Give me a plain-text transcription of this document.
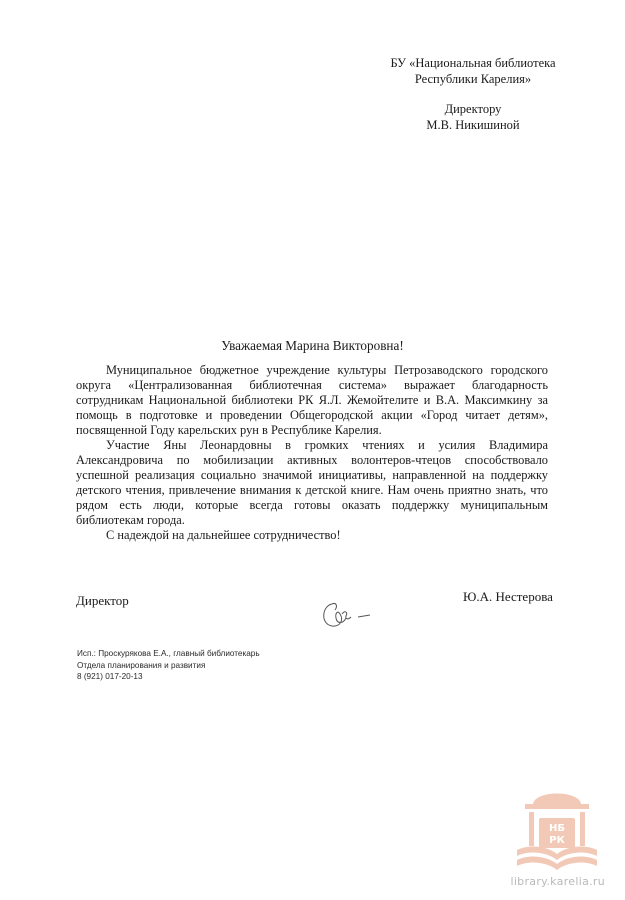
БУ «Национальная библиотека
Республики Карелия»
Директору
М.В. Никишиной
Уважаемая Марина Викторовна!

Муниципальное бюджетное учреждение культуры Петрозаводского городского округа «Централизованная библиотечная система» выражает благодарность сотрудникам Национальной библиотеки РК Я.Л. Жемойтелите и В.А. Максимкину за помощь в подготовке и проведении Общегородской акции «Город читает детям», посвященной Году карельских рун в Республике Карелия.

Участие Яны Леонардовны в громких чтениях и усилия Владимира Александровича по мобилизации активных волонтеров-чтецов способствовало успешной реализация социально значимой инициативы, направленной на поддержку детского чтения, привлечение внимания к детской книге. Нам очень приятно знать, что рядом есть люди, которые всегда готовы оказать поддержку муниципальным библиотекам города.

С надеждой на дальнейшее сотрудничество!

Директор	Ю.А. Нестерова
Исп.: Проскурякова Е.А., главный библиотекарь
Отдела планирования и развития
8 (921) 017-20-13
НБ
РК
library.karelia.ru
